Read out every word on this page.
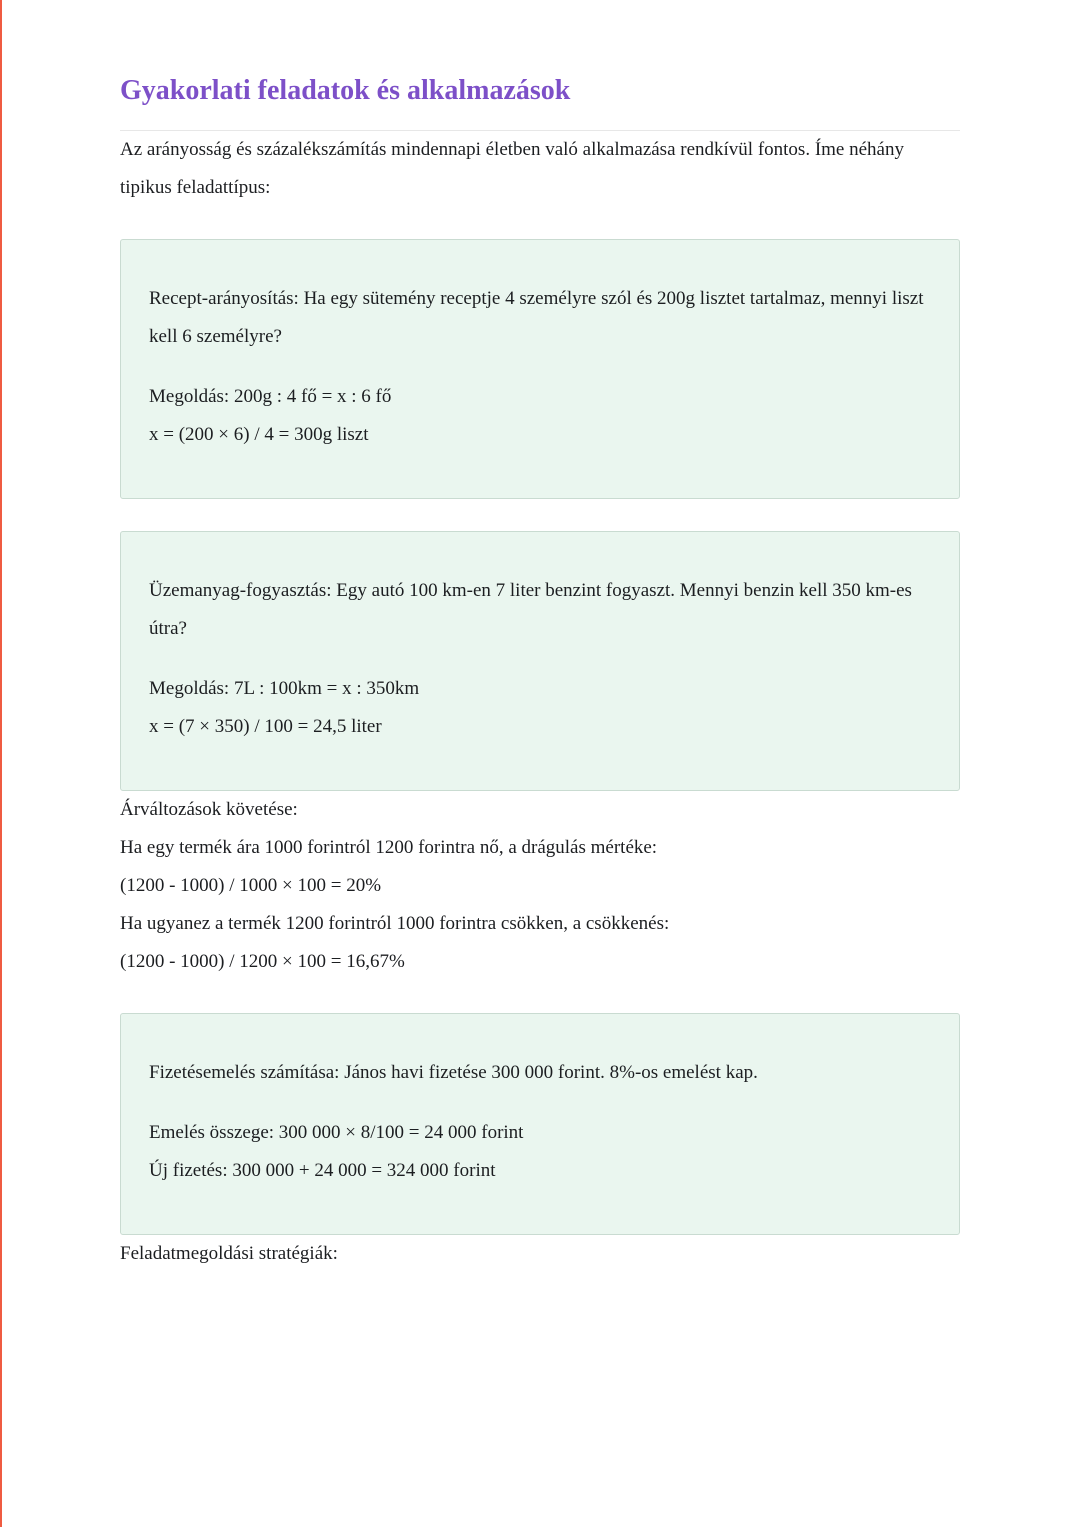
Gyakorlati feladatok és alkalmazások

Az arányosság és százalékszámítás mindennapi életben való alkalmazása rendkívül fontos. Íme néhány tipikus feladattípus:

Recept-arányosítás: Ha egy sütemény receptje 4 személyre szól és 200g lisztet tartalmaz, mennyi liszt kell 6 személyre?

Megoldás: 200g : 4 fő = x : 6 fő
x = (200 × 6) / 4 = 300g liszt

Üzemanyag-fogyasztás: Egy autó 100 km-en 7 liter benzint fogyaszt. Mennyi benzin kell 350 km-es útra?

Megoldás: 7L : 100km = x : 350km
x = (7 × 350) / 100 = 24,5 liter

Árváltozások követése:

Ha egy termék ára 1000 forintról 1200 forintra nő, a drágulás mértéke:
(1200 - 1000) / 1000 × 100 = 20%

Ha ugyanez a termék 1200 forintról 1000 forintra csökken, a csökkenés:
(1200 - 1000) / 1200 × 100 = 16,67%

Fizetésemelés számítása: János havi fizetése 300 000 forint. 8%-os emelést kap.

Emelés összege: 300 000 × 8/100 = 24 000 forint
Új fizetés: 300 000 + 24 000 = 324 000 forint

Feladatmegoldási stratégiák:
